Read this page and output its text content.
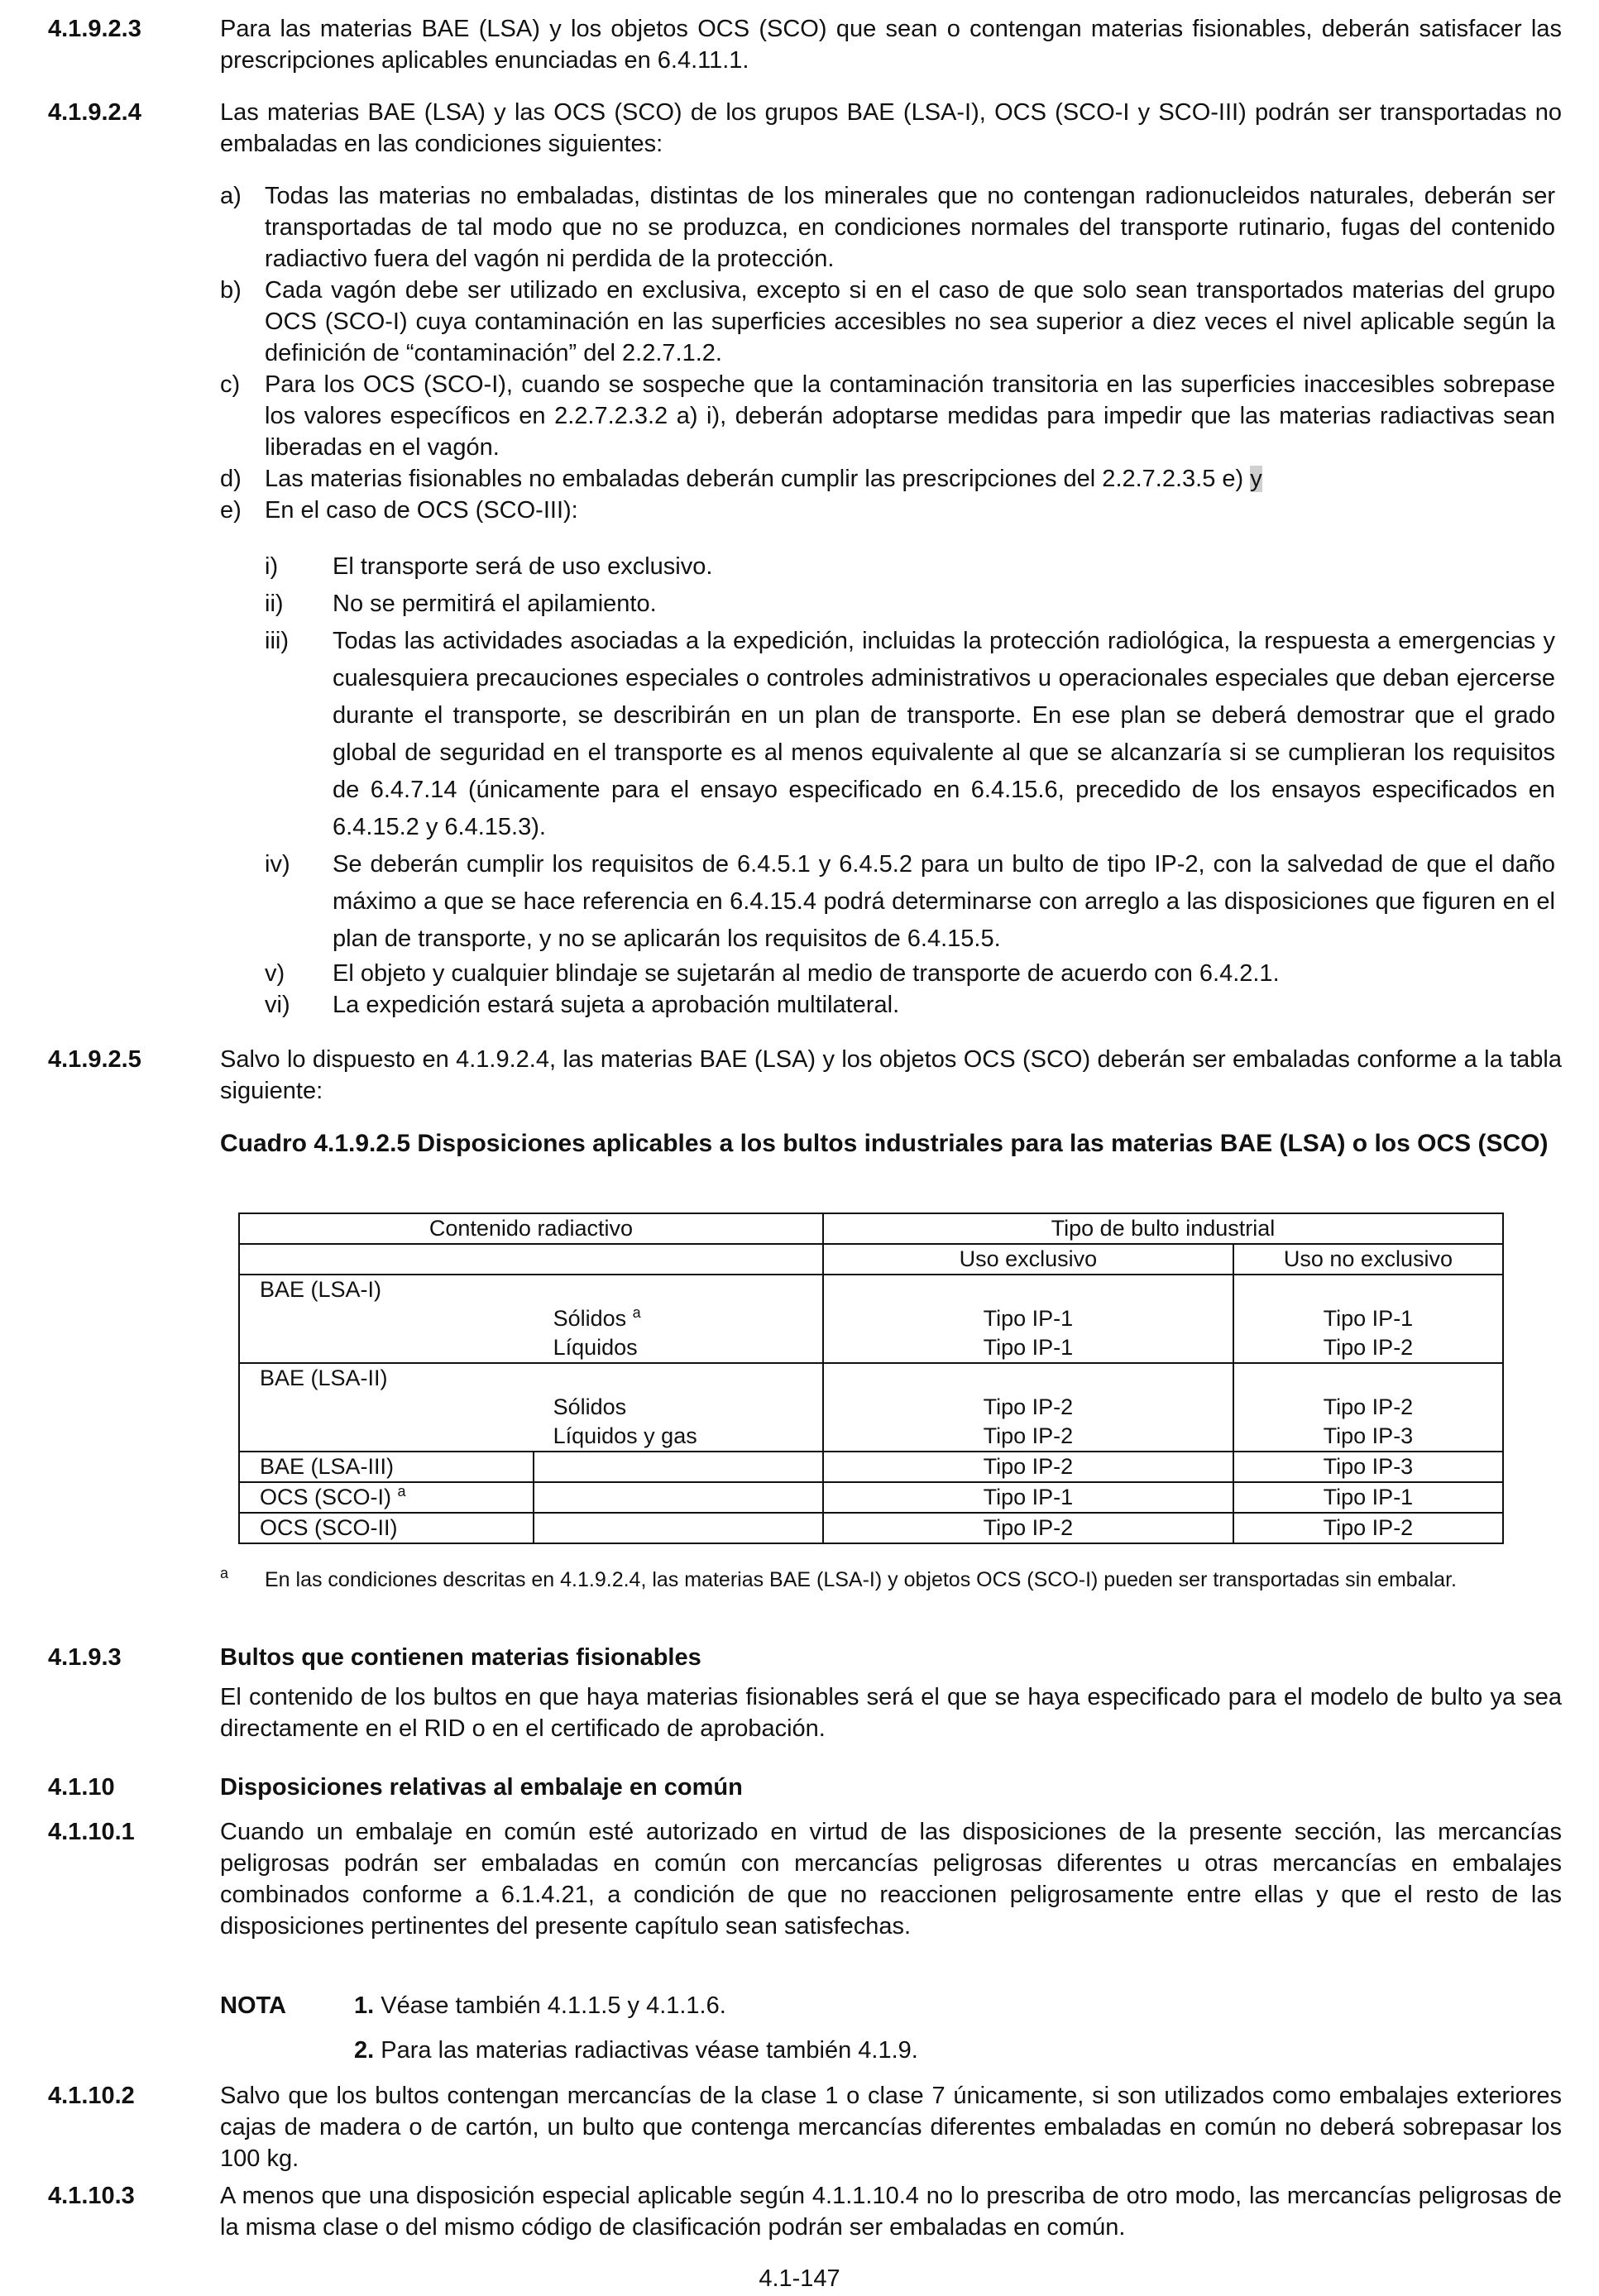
4.1.9.2.3	Para las materias BAE (LSA) y los objetos OCS (SCO) que sean o contengan materias fisionables, deberán satisfacer las prescripciones aplicables enunciadas en 6.4.11.1.

4.1.9.2.4	Las materias BAE (LSA) y las OCS (SCO) de los grupos BAE (LSA-I), OCS (SCO-I y SCO-III) podrán ser transportadas no embaladas en las condiciones siguientes:

a) Todas las materias no embaladas, distintas de los minerales que no contengan radionucleidos naturales, deberán ser transportadas de tal modo que no se produzca, en condiciones normales del transporte rutinario, fugas del contenido radiactivo fuera del vagón ni perdida de la protección.
b) Cada vagón debe ser utilizado en exclusiva, excepto si en el caso de que solo sean transportados materias del grupo OCS (SCO-I) cuya contaminación en las superficies accesibles no sea superior a diez veces el nivel aplicable según la definición de “contaminación” del 2.2.7.1.2.
c) Para los OCS (SCO-I), cuando se sospeche que la contaminación transitoria en las superficies inaccesibles sobrepase los valores específicos en 2.2.7.2.3.2 a) i), deberán adoptarse medidas para impedir que las materias radiactivas sean liberadas en el vagón.
d) Las materias fisionables no embaladas deberán cumplir las prescripciones del 2.2.7.2.3.5 e) y
e) En el caso de OCS (SCO-III):
i) El transporte será de uso exclusivo.
ii) No se permitirá el apilamiento.
iii) Todas las actividades asociadas a la expedición, incluidas la protección radiológica, la respuesta a emergencias y cualesquiera precauciones especiales o controles administrativos u operacionales especiales que deban ejercerse durante el transporte, se describirán en un plan de transporte. En ese plan se deberá demostrar que el grado global de seguridad en el transporte es al menos equivalente al que se alcanzaría si se cumplieran los requisitos de 6.4.7.14 (únicamente para el ensayo especificado en 6.4.15.6, precedido de los ensayos especificados en 6.4.15.2 y 6.4.15.3).
iv) Se deberán cumplir los requisitos de 6.4.5.1 y 6.4.5.2 para un bulto de tipo IP-2, con la salvedad de que el daño máximo a que se hace referencia en 6.4.15.4 podrá determinarse con arreglo a las disposiciones que figuren en el plan de transporte, y no se aplicarán los requisitos de 6.4.15.5.
v) El objeto y cualquier blindaje se sujetarán al medio de transporte de acuerdo con 6.4.2.1.
vi) La expedición estará sujeta a aprobación multilateral.
4.1.9.2.5	Salvo lo dispuesto en 4.1.9.2.4, las materias BAE (LSA) y los objetos OCS (SCO) deberán ser embaladas conforme a la tabla siguiente:

Cuadro 4.1.9.2.5 Disposiciones aplicables a los bultos industriales para las materias BAE (LSA) o los OCS (SCO)
Contenido radiactivo		Tipo de bulto industrial	
		Uso exclusivo	Uso no exclusivo
BAE (LSA-I)			
	Sólidos $^a$	Tipo IP-1	Tipo IP-1
	Líquidos	Tipo IP-1	Tipo IP-2
BAE (LSA-II)			
	Sólidos	Tipo IP-2	Tipo IP-2
	Líquidos y gas	Tipo IP-2	Tipo IP-3
BAE (LSA-III)		Tipo IP-2	Tipo IP-3
OCS (SCO-I) $^a$		Tipo IP-1	Tipo IP-1
OCS (SCO-II)		Tipo IP-2	Tipo IP-2
a En las condiciones descritas en 4.1.9.2.4, las materias BAE (LSA-I) y objetos OCS (SCO-I) pueden ser transportadas sin embalar.
4.1.9.3	Bultos que contienen materias fisionables

El contenido de los bultos en que haya materias fisionables será el que se haya especificado para el modelo de bulto ya sea directamente en el RID o en el certificado de aprobación.

4.1.10	Disposiciones relativas al embalaje en común

4.1.10.1	Cuando un embalaje en común esté autorizado en virtud de las disposiciones de la presente sección, las mercancías peligrosas podrán ser embaladas en común con mercancías peligrosas diferentes u otras mercancías en embalajes combinados conforme a 6.1.4.21, a condición de que no reaccionen peligrosamente entre ellas y que el resto de las disposiciones pertinentes del presente capítulo sean satisfechas.

NOTA	1. Véase también 4.1.1.5 y 4.1.1.6.
2. Para las materias radiactivas véase también 4.1.9.
4.1.10.2	Salvo que los bultos contengan mercancías de la clase 1 o clase 7 únicamente, si son utilizados como embalajes exteriores cajas de madera o de cartón, un bulto que contenga mercancías diferentes embaladas en común no deberá sobrepasar los 100 kg.

4.1.10.3	A menos que una disposición especial aplicable según 4.1.1.10.4 no lo prescriba de otro modo, las mercancías peligrosas de la misma clase o del mismo código de clasificación podrán ser embaladas en común.

4.1-147
